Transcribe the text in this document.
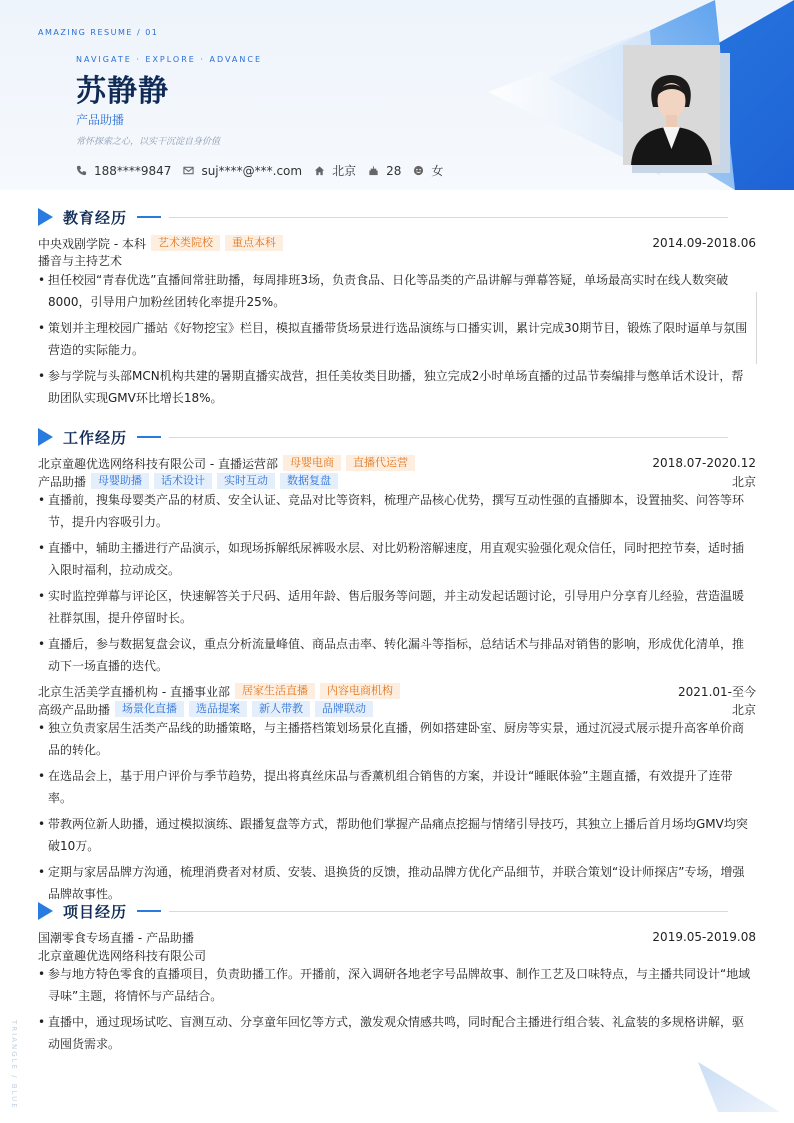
AMAZING RESUME / 01
NAVIGATE · EXPLORE · ADVANCE
苏静静
产品助播
常怀探索之心，以实干沉淀自身价值
188****9847	suj****@***.com	北京	28	女
教育经历
中央戏剧学院 - 本科	艺术类院校	重点本科	2014.09-2018.06
播音与主持艺术
• 担任校园“青春优选”直播间常驻助播，每周排班3场，负责食品、日化等品类的产品讲解与弹幕答疑，单场最高实时在线人数突破8000，引导用户加粉丝团转化率提升25%。
• 策划并主理校园广播站《好物挖宝》栏目，模拟直播带货场景进行选品演练与口播实训，累计完成30期节目，锻炼了限时逼单与氛围营造的实际能力。
• 参与学院与头部MCN机构共建的暑期直播实战营，担任美妆类目助播，独立完成2小时单场直播的过品节奏编排与憋单话术设计，帮助团队实现GMV环比增长18%。
工作经历
北京童趣优选网络科技有限公司 - 直播运营部	母婴电商	直播代运营	2018.07-2020.12
产品助播	母婴助播	话术设计	实时互动	数据复盘	北京
• 直播前，搜集母婴类产品的材质、安全认证、竞品对比等资料，梳理产品核心优势，撰写互动性强的直播脚本，设置抽奖、问答等环节，提升内容吸引力。
• 直播中，辅助主播进行产品演示，如现场拆解纸尿裤吸水层、对比奶粉溶解速度，用直观实验强化观众信任，同时把控节奏，适时插入限时福利，拉动成交。
• 实时监控弹幕与评论区，快速解答关于尺码、适用年龄、售后服务等问题，并主动发起话题讨论，引导用户分享育儿经验，营造温暖社群氛围，提升停留时长。
• 直播后，参与数据复盘会议，重点分析流量峰值、商品点击率、转化漏斗等指标，总结话术与排品对销售的影响，形成优化清单，推动下一场直播的迭代。
北京生活美学直播机构 - 直播事业部	居家生活直播	内容电商机构	2021.01-至今
高级产品助播	场景化直播	选品提案	新人带教	品牌联动	北京
• 独立负责家居生活类产品线的助播策略，与主播搭档策划场景化直播，例如搭建卧室、厨房等实景，通过沉浸式展示提升高客单价商品的转化。
• 在选品会上，基于用户评价与季节趋势，提出将真丝床品与香薰机组合销售的方案，并设计“睡眠体验”主题直播，有效提升了连带率。
• 带教两位新人助播，通过模拟演练、跟播复盘等方式，帮助他们掌握产品痛点挖掘与情绪引导技巧，其独立上播后首月场均GMV均突破10万。
• 定期与家居品牌方沟通，梳理消费者对材质、安装、退换货的反馈，推动品牌方优化产品细节，并联合策划“设计师探店”专场，增强品牌故事性。
项目经历
国潮零食专场直播 - 产品助播	2019.05-2019.08
北京童趣优选网络科技有限公司
• 参与地方特色零食的直播项目，负责助播工作。开播前，深入调研各地老字号品牌故事、制作工艺及口味特点，与主播共同设计“地域寻味”主题，将情怀与产品结合。
• 直播中，通过现场试吃、盲测互动、分享童年回忆等方式，激发观众情感共鸣，同时配合主播进行组合装、礼盒装的多规格讲解，驱动囤货需求。
TRIANGLE / BLUE
